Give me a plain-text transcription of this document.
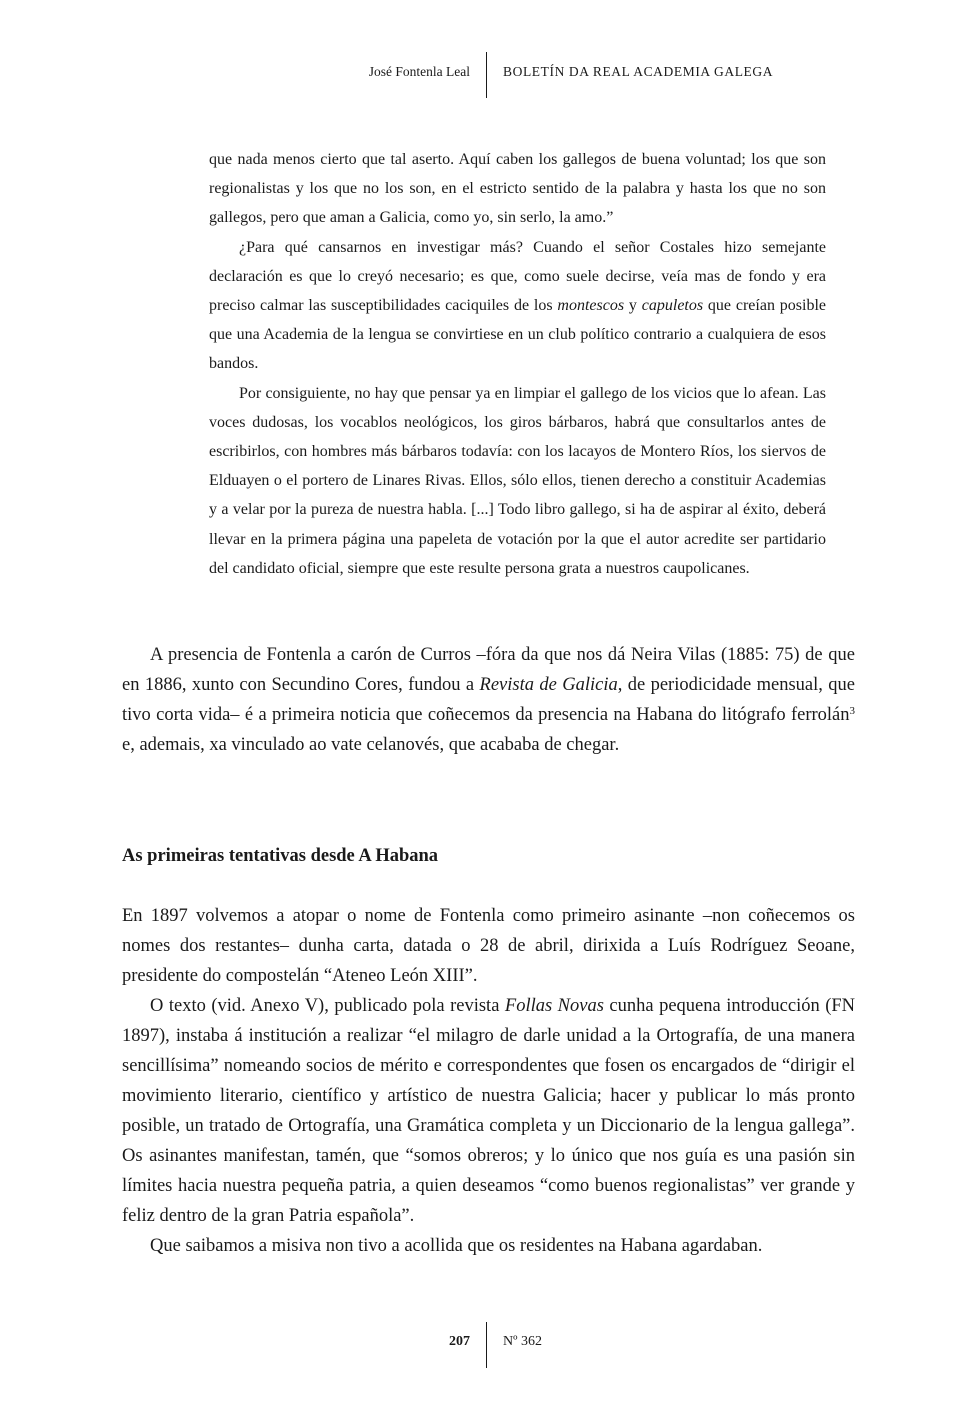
José Fontenla Leal BOLETÍN DA REAL ACADEMIA GALEGA

que nada menos cierto que tal aserto. Aquí caben los gallegos de buena voluntad; los que son regionalistas y los que no los son, en el estricto sentido de la palabra y hasta los que no son gallegos, pero que aman a Galicia, como yo, sin serlo, la amo.”

¿Para qué cansarnos en investigar más? Cuando el señor Costales hizo semejante declaración es que lo creyó necesario; es que, como suele decirse, veía mas de fondo y era preciso calmar las susceptibilidades caciquiles de los montescos y capuletos que creían posible que una Academia de la lengua se convirtiese en un club político contrario a cualquiera de esos bandos.

Por consiguiente, no hay que pensar ya en limpiar el gallego de los vicios que lo afean. Las voces dudosas, los vocablos neológicos, los giros bárbaros, habrá que consultarlos antes de escribirlos, con hombres más bárbaros todavía: con los lacayos de Montero Ríos, los siervos de Elduayen o el portero de Linares Rivas. Ellos, sólo ellos, tienen derecho a constituir Academias y a velar por la pureza de nuestra habla. [...] Todo libro gallego, si ha de aspirar al éxito, deberá llevar en la primera página una papeleta de votación por la que el autor acredite ser partidario del candidato oficial, siempre que este resulte persona grata a nuestros caupolicanes.

A presencia de Fontenla a carón de Curros –fóra da que nos dá Neira Vilas (1885: 75) de que en 1886, xunto con Secundino Cores, fundou a Revista de Galicia, de periodicidade mensual, que tivo corta vida– é a primeira noticia que coñecemos da presencia na Habana do litógrafo ferrolán$^3$ e, ademais, xa vinculado ao vate celanovés, que acababa de chegar.

As primeiras tentativas desde A Habana

En 1897 volvemos a atopar o nome de Fontenla como primeiro asinante –non coñecemos os nomes dos restantes– dunha carta, datada o 28 de abril, dirixida a Luís Rodríguez Seoane, presidente do compostelán “Ateneo León XIII”.

O texto (vid. Anexo V), publicado pola revista Follas Novas cunha pequena introducción (FN 1897), instaba á institución a realizar “el milagro de darle unidad a la Ortografía, de una manera sencillísima” nomeando socios de mérito e correspondentes que fosen os encargados de “dirigir el movimiento literario, científico y artístico de nuestra Galicia; hacer y publicar lo más pronto posible, un tratado de Ortografía, una Gramática completa y un Diccionario de la lengua gallega”. Os asinantes manifestan, tamén, que “somos obreros; y lo único que nos guía es una pasión sin límites hacia nuestra pequeña patria, a quien deseamos “como buenos regionalistas” ver grande y feliz dentro de la gran Patria española”.

Que saibamos a misiva non tivo a acollida que os residentes na Habana agardaban.

207 Nº 362
